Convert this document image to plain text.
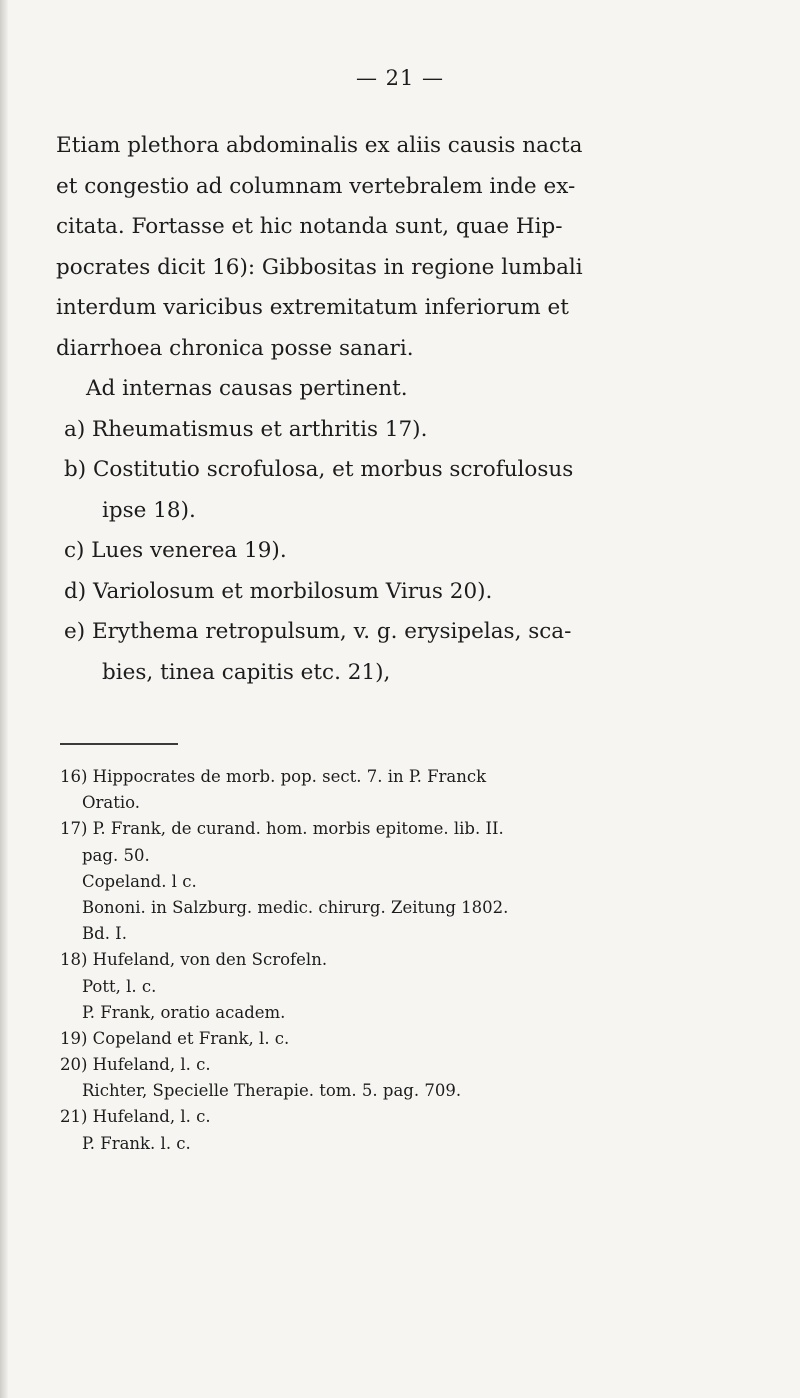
— 21 —
Etiam plethora abdominalis ex aliis causis nacta
et congestio ad columnam vertebralem inde ex-
citata. Fortasse et hic notanda sunt, quae Hip-
pocrates dicit 16): Gibbositas in regione lumbali
interdum varicibus extremitatum inferiorum et
diarrhoea chronica posse sanari.
Ad internas causas pertinent.
a) Rheumatismus et arthritis 17).
b) Costitutio scrofulosa, et morbus scrofulosus
ipse 18).
c) Lues venerea 19).
d) Variolosum et morbilosum Virus 20).
e) Erythema retropulsum, v. g. erysipelas, sca-
bies, tinea capitis etc. 21),
16) Hippocrates de morb. pop. sect. 7. in P. Franck
Oratio.
17) P. Frank, de curand. hom. morbis epitome. lib. II.
pag. 50.
Copeland. l c.
Bononi. in Salzburg. medic. chirurg. Zeitung 1802.
Bd. I.
18) Hufeland, von den Scrofeln.
Pott, l. c.
P. Frank, oratio academ.
19) Copeland et Frank, l. c.
20) Hufeland, l. c.
Richter, Specielle Therapie. tom. 5. pag. 709.
21) Hufeland, l. c.
P. Frank. l. c.
